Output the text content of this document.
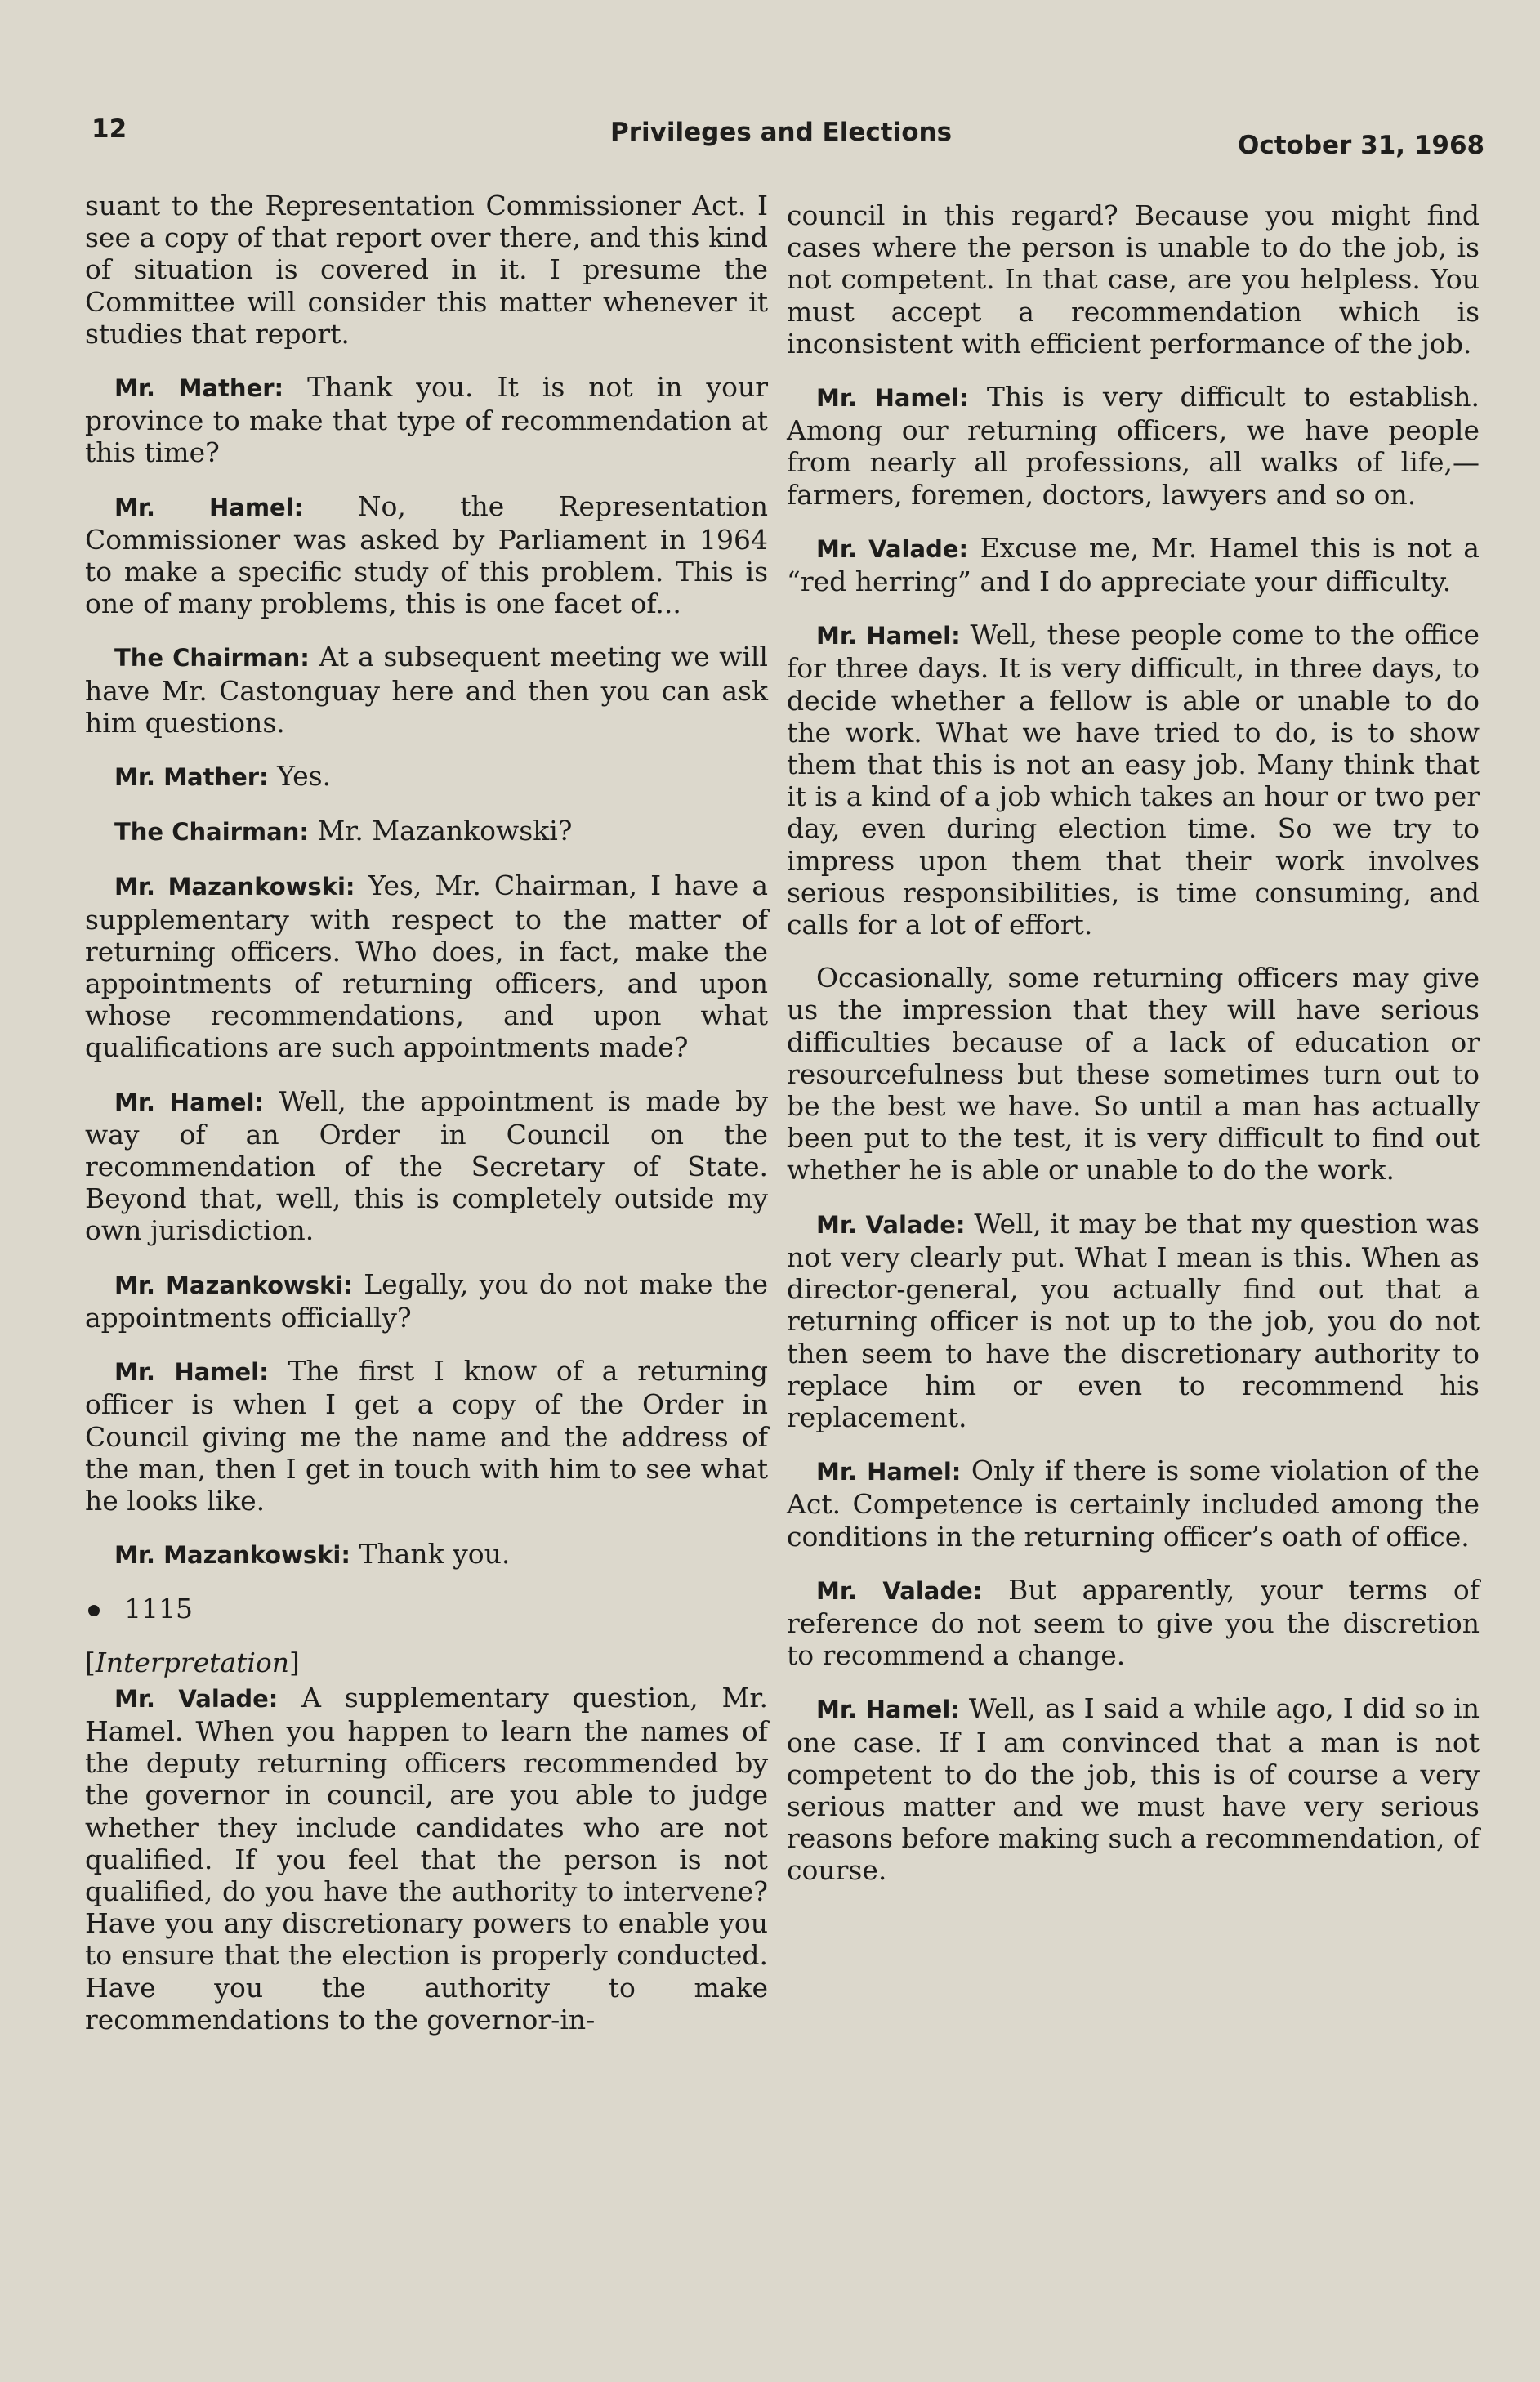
12	Privileges and Elections	October 31, 1968

suant to the Representation Commissioner Act. I see a copy of that report over there, and this kind of situation is covered in it. I presume the Committee will consider this matter whenever it studies that report.

Mr. Mather: Thank you. It is not in your province to make that type of recommendation at this time?

Mr. Hamel: No, the Representation Commissioner was asked by Parliament in 1964 to make a specific study of this problem. This is one of many problems, this is one facet of...

The Chairman: At a subsequent meeting we will have Mr. Castonguay here and then you can ask him questions.

Mr. Mather: Yes.

The Chairman: Mr. Mazankowski?

Mr. Mazankowski: Yes, Mr. Chairman, I have a supplementary with respect to the matter of returning officers. Who does, in fact, make the appointments of returning officers, and upon whose recommendations, and upon what qualifications are such appointments made?

Mr. Hamel: Well, the appointment is made by way of an Order in Council on the recommendation of the Secretary of State. Beyond that, well, this is completely outside my own jurisdiction.

Mr. Mazankowski: Legally, you do not make the appointments officially?

Mr. Hamel: The first I know of a returning officer is when I get a copy of the Order in Council giving me the name and the address of the man, then I get in touch with him to see what he looks like.

Mr. Mazankowski: Thank you.

1115

[Interpretation]

Mr. Valade: A supplementary question, Mr. Hamel. When you happen to learn the names of the deputy returning officers recommended by the governor in council, are you able to judge whether they include candidates who are not qualified. If you feel that the person is not qualified, do you have the authority to intervene? Have you any discretionary powers to enable you to ensure that the election is properly conducted. Have you the authority to make recommendations to the governor-in-

council in this regard? Because you might find cases where the person is unable to do the job, is not competent. In that case, are you helpless. You must accept a recommendation which is inconsistent with efficient performance of the job.

Mr. Hamel: This is very difficult to establish. Among our returning officers, we have people from nearly all professions, all walks of life,—farmers, foremen, doctors, lawyers and so on.

Mr. Valade: Excuse me, Mr. Hamel this is not a “red herring” and I do appreciate your difficulty.

Mr. Hamel: Well, these people come to the office for three days. It is very difficult, in three days, to decide whether a fellow is able or unable to do the work. What we have tried to do, is to show them that this is not an easy job. Many think that it is a kind of a job which takes an hour or two per day, even during election time. So we try to impress upon them that their work involves serious responsibilities, is time consuming, and calls for a lot of effort.

Occasionally, some returning officers may give us the impression that they will have serious difficulties because of a lack of education or resourcefulness but these sometimes turn out to be the best we have. So until a man has actually been put to the test, it is very difficult to find out whether he is able or unable to do the work.

Mr. Valade: Well, it may be that my question was not very clearly put. What I mean is this. When as director-general, you actually find out that a returning officer is not up to the job, you do not then seem to have the discretionary authority to replace him or even to recommend his replacement.

Mr. Hamel: Only if there is some violation of the Act. Competence is certainly included among the conditions in the returning officer’s oath of office.

Mr. Valade: But apparently, your terms of reference do not seem to give you the discretion to recommend a change.

Mr. Hamel: Well, as I said a while ago, I did so in one case. If I am convinced that a man is not competent to do the job, this is of course a very serious matter and we must have very serious reasons before making such a recommendation, of course.
